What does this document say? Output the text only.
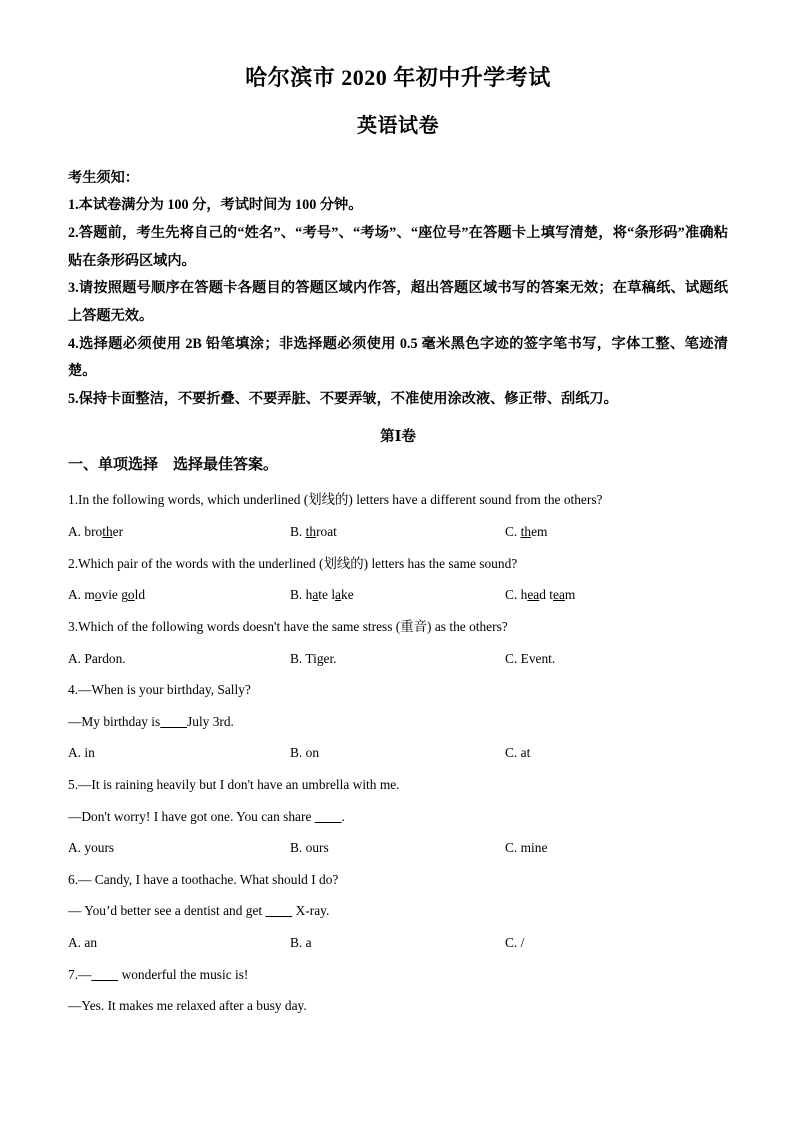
哈尔滨市 2020 年初中升学考试
英语试卷

考生须知：

1.本试卷满分为 100 分，考试时间为 100 分钟。

2.答题前，考生先将自己的“姓名”、“考号”、“考场”、“座位号”在答题卡上填写清楚，将“条形码”准确粘贴在条形码区域内。

3.请按照题号顺序在答题卡各题目的答题区域内作答，超出答题区域书写的答案无效；在草稿纸、试题纸上答题无效。

4.选择题必须使用 2B 铅笔填涂；非选择题必须使用 0.5 毫米黑色字迹的签字笔书写，字体工整、笔迹清楚。

5.保持卡面整洁，不要折叠、不要弄脏、不要弄皱，不准使用涂改液、修正带、刮纸刀。

第Ⅰ卷

一、单项选择　选择最佳答案。

1.In the following words, which underlined (划线的) letters have a different sound from the others?

A. brother	B. throat	C. them

2.Which pair of the words with the underlined (划线的) letters has the same sound?

A. movie gold	B. hate lake	C. head team

3.Which of the following words doesn't have the same stress (重音) as the others?

A. Pardon.	B. Tiger.	C. Event.

4.—When is your birthday, Sally?

—My birthday is July 3rd.

A. in	B. on	C. at

5.—It is raining heavily but I don't have an umbrella with me.

—Don't worry! I have got one. You can share         .

A. yours	B. ours	C. mine

6.— Candy, I have a toothache. What should I do?

— You’d better see a dentist and get          X-ray.

A. an	B. a	C. /

7.—         wonderful the music is!

—Yes. It makes me relaxed after a busy day.
